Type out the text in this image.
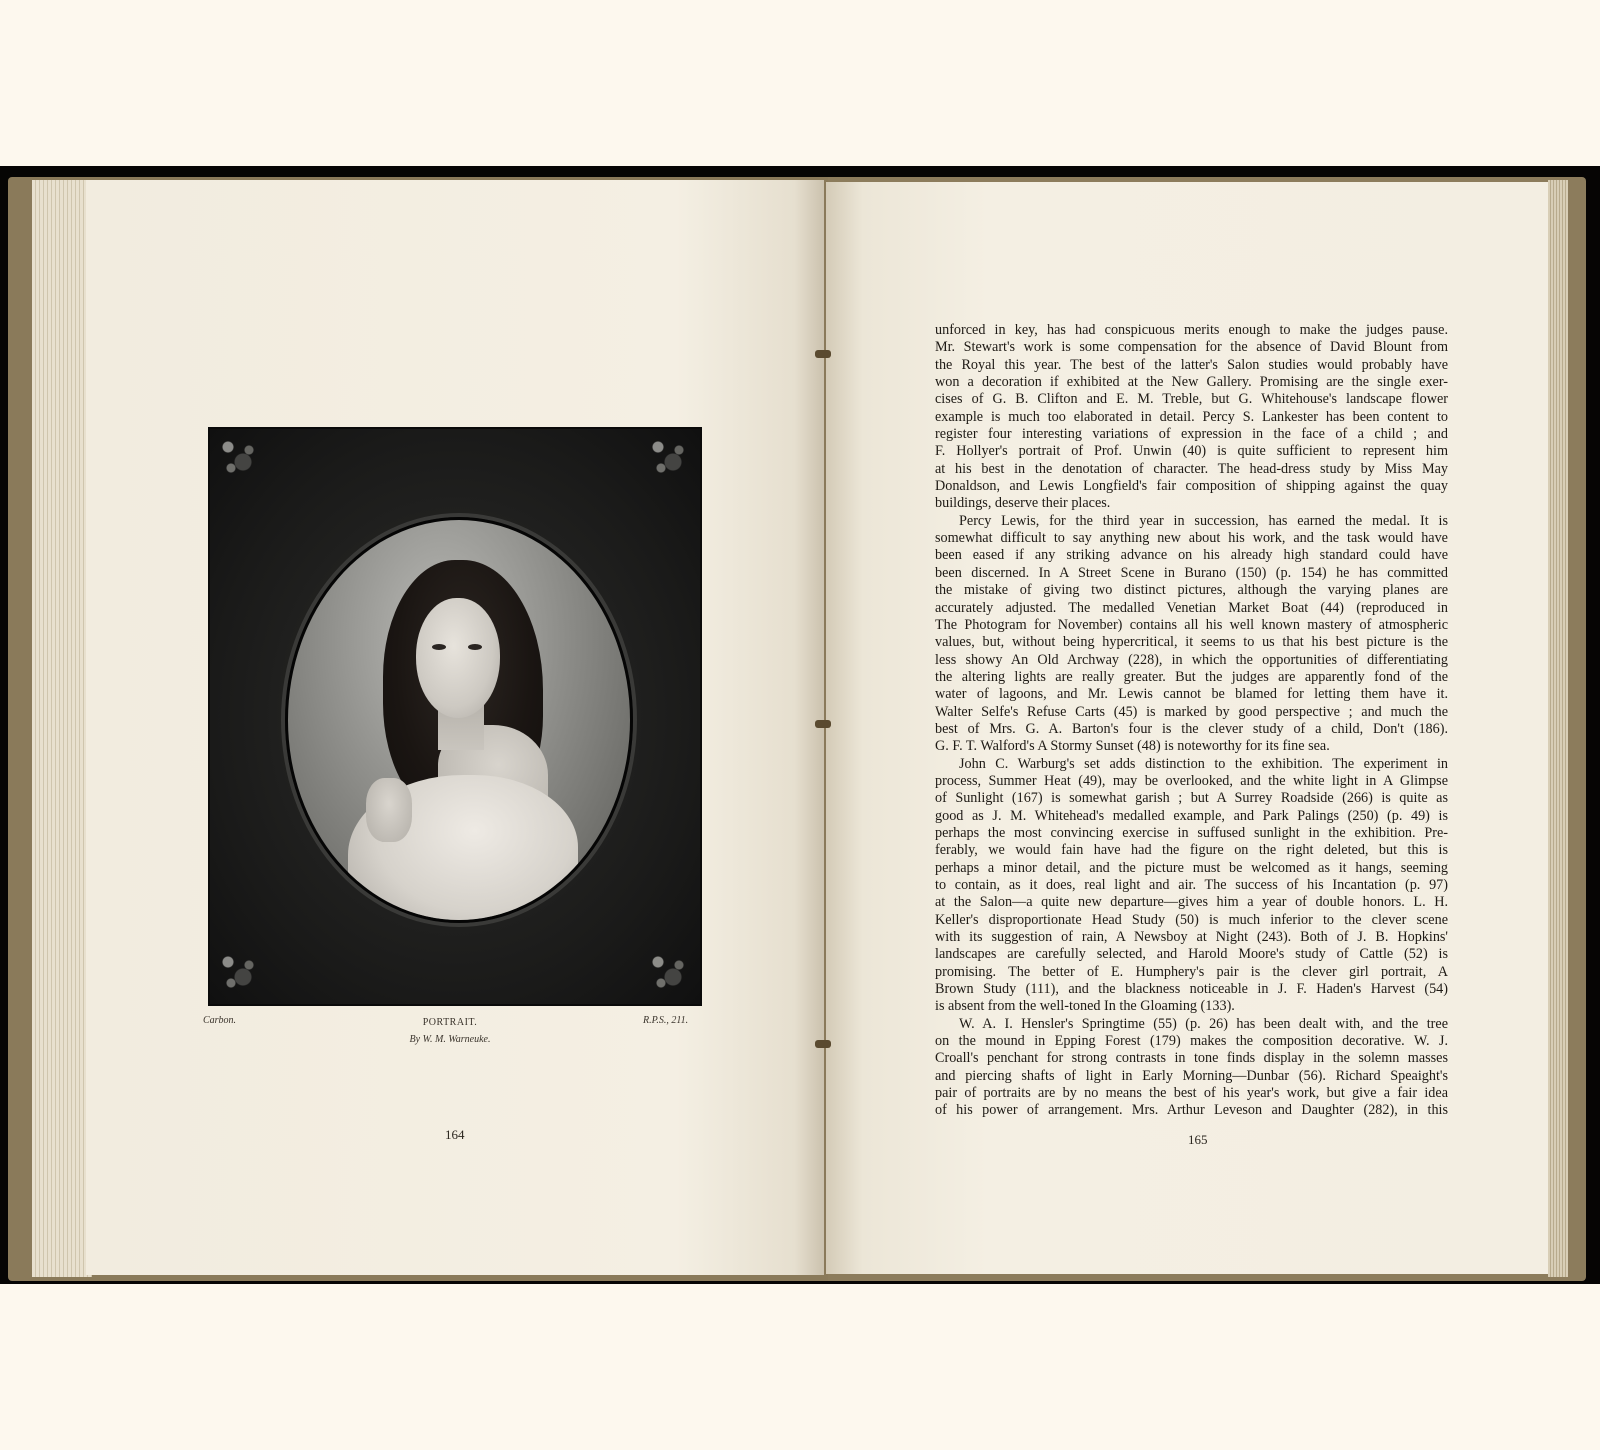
Carbon.	PORTRAIT.	R.P.S., 211.
By W. M. Warneuke.
164	165
unforced in key, has had conspicuous merits enough to make the judges pause.
Mr. Stewart's work is some compensation for the absence of David Blount from
the Royal this year. The best of the latter's Salon studies would probably have
won a decoration if exhibited at the New Gallery. Promising are the single exer-
cises of G. B. Clifton and E. M. Treble, but G. Whitehouse's landscape flower
example is much too elaborated in detail. Percy S. Lankester has been content to
register four interesting variations of expression in the face of a child ; and
F. Hollyer's portrait of Prof. Unwin (40) is quite sufficient to represent him
at his best in the denotation of character. The head-dress study by Miss May
Donaldson, and Lewis Longfield's fair composition of shipping against the quay
buildings, deserve their places.
Percy Lewis, for the third year in succession, has earned the medal. It is
somewhat difficult to say anything new about his work, and the task would have
been eased if any striking advance on his already high standard could have
been discerned. In A Street Scene in Burano (150) (p. 154) he has committed
the mistake of giving two distinct pictures, although the varying planes are
accurately adjusted. The medalled Venetian Market Boat (44) (reproduced in
The Photogram for November) contains all his well known mastery of atmospheric
values, but, without being hypercritical, it seems to us that his best picture is the
less showy An Old Archway (228), in which the opportunities of differentiating
the altering lights are really greater. But the judges are apparently fond of the
water of lagoons, and Mr. Lewis cannot be blamed for letting them have it.
Walter Selfe's Refuse Carts (45) is marked by good perspective ; and much the
best of Mrs. G. A. Barton's four is the clever study of a child, Don't (186).
G. F. T. Walford's A Stormy Sunset (48) is noteworthy for its fine sea.
John C. Warburg's set adds distinction to the exhibition. The experiment in
process, Summer Heat (49), may be overlooked, and the white light in A Glimpse
of Sunlight (167) is somewhat garish ; but A Surrey Roadside (266) is quite as
good as J. M. Whitehead's medalled example, and Park Palings (250) (p. 49) is
perhaps the most convincing exercise in suffused sunlight in the exhibition. Pre-
ferably, we would fain have had the figure on the right deleted, but this is
perhaps a minor detail, and the picture must be welcomed as it hangs, seeming
to contain, as it does, real light and air. The success of his Incantation (p. 97)
at the Salon—a quite new departure—gives him a year of double honors. L. H.
Keller's disproportionate Head Study (50) is much inferior to the clever scene
with its suggestion of rain, A Newsboy at Night (243). Both of J. B. Hopkins'
landscapes are carefully selected, and Harold Moore's study of Cattle (52) is
promising. The better of E. Humphery's pair is the clever girl portrait, A
Brown Study (111), and the blackness noticeable in J. F. Haden's Harvest (54)
is absent from the well-toned In the Gloaming (133).
W. A. I. Hensler's Springtime (55) (p. 26) has been dealt with, and the tree
on the mound in Epping Forest (179) makes the composition decorative. W. J.
Croall's penchant for strong contrasts in tone finds display in the solemn masses
and piercing shafts of light in Early Morning—Dunbar (56). Richard Speaight's
pair of portraits are by no means the best of his year's work, but give a fair idea
of his power of arrangement. Mrs. Arthur Leveson and Daughter (282), in this
